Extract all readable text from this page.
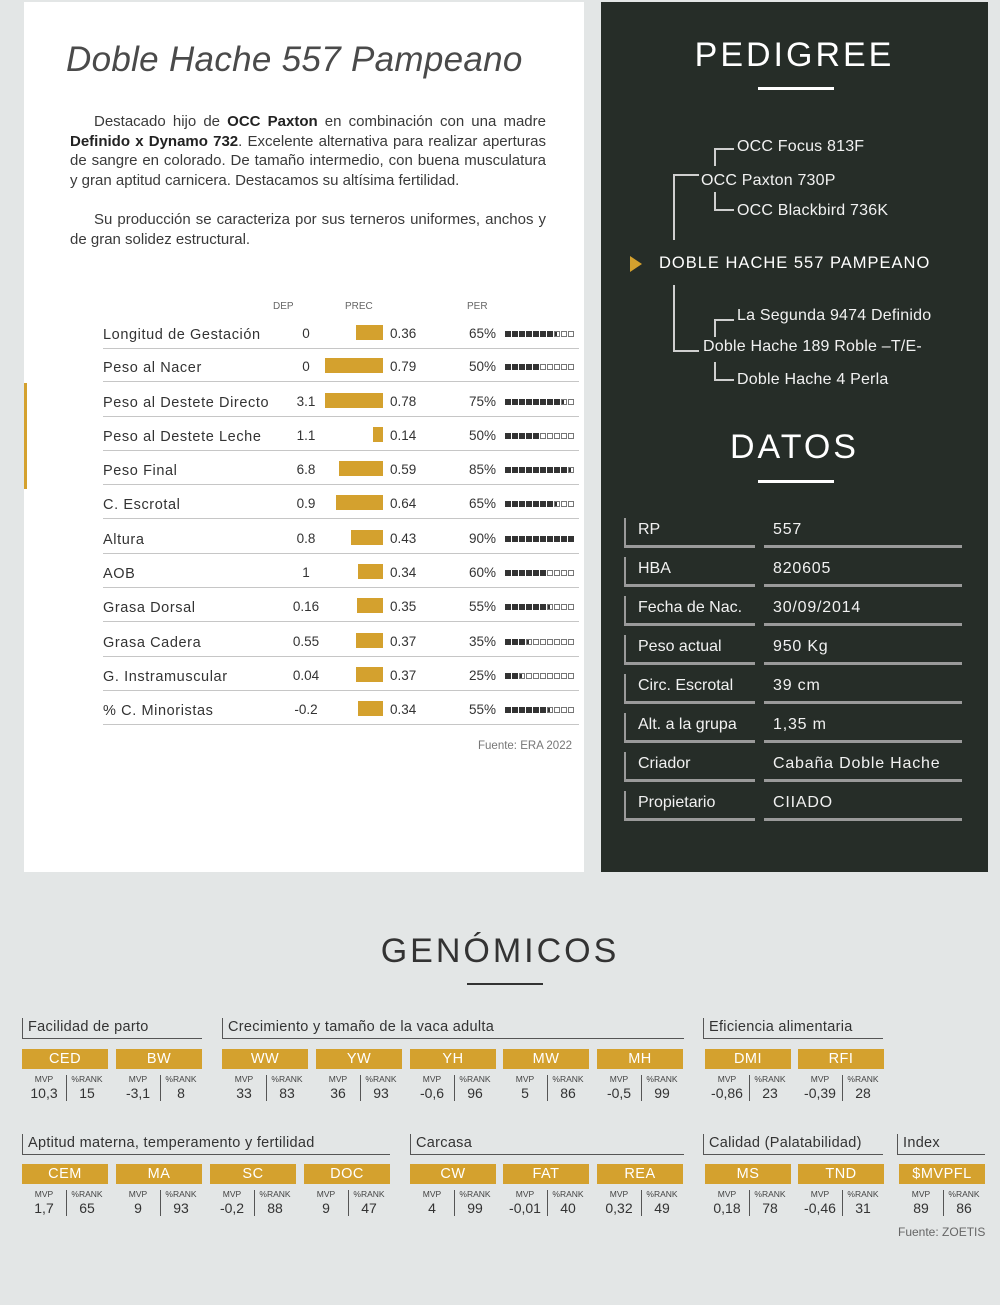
Doble Hache 557 Pampeano

Destacado hijo de OCC Paxton en combinación con una madre Definido x Dynamo 732. Excelente alternativa para realizar aperturas de sangre en colorado. De tamaño intermedio, con buena musculatura y gran aptitud carnicera. Destacamos su altísima fertilidad.

Su producción se caracteriza por sus terneros uniformes, anchos y de gran solidez estructural.

DEP	PREC	PER
Longitud de Gestación	0	0.36	65%
Peso al Nacer	0	0.79	50%
Peso al Destete Directo	3.1	0.78	75%
Peso al Destete Leche	1.1	0.14	50%
Peso Final	6.8	0.59	85%
C. Escrotal	0.9	0.64	65%
Altura	0.8	0.43	90%
AOB	1	0.34	60%
Grasa Dorsal	0.16	0.35	55%
Grasa Cadera	0.55	0.37	35%
G. Instramuscular	0.04	0.37	25%
% C. Minoristas	-0.2	0.34	55%
Fuente: ERA 2022
PEDIGREE
OCC Focus 813F
OCC Paxton 730P
OCC Blackbird 736K
DOBLE HACHE 557 PAMPEANO
La Segunda 9474 Definido
Doble Hache 189 Roble –T/E-
Doble Hache 4 Perla
DATOS
RP	557
HBA	820605
Fecha de Nac. 30/09/2014
Peso actual	950 Kg
Circ. Escrotal 39 cm
Alt. a la grupa 1,35 m
Criador	Cabaña Doble Hache
Propietario	CIIADO
GENÓMICOS
Facilidad de parto	Crecimiento y tamaño de la vaca adulta	Eficiencia alimentaria
Aptitud materna, temperamento y fertilidad	Carcasa	Calidad (Palatabilidad)	Index
CED
MVP	%RANK
10,3	15
BW
MVP	%RANK
-3,1	8
WW
MVP	%RANK
33	83
YW
MVP	%RANK
36	93
YH
MVP	%RANK
-0,6	96
MW
MVP	%RANK
5	86
MH
MVP	%RANK
-0,5	99
DMI
MVP	%RANK
-0,86	23
RFI
MVP	%RANK
-0,39	28
CEM
MVP	%RANK
1,7	65
MA
MVP	%RANK
9	93
SC
MVP	%RANK
-0,2	88
DOC
MVP	%RANK
9	47
CW
MVP	%RANK
4	99
FAT
MVP	%RANK
-0,01	40
REA
MVP	%RANK
0,32	49
MS
MVP	%RANK
0,18	78
TND
MVP	%RANK
-0,46	31
$MVPFL
MVP	%RANK
89	86
Fuente: ZOETIS
